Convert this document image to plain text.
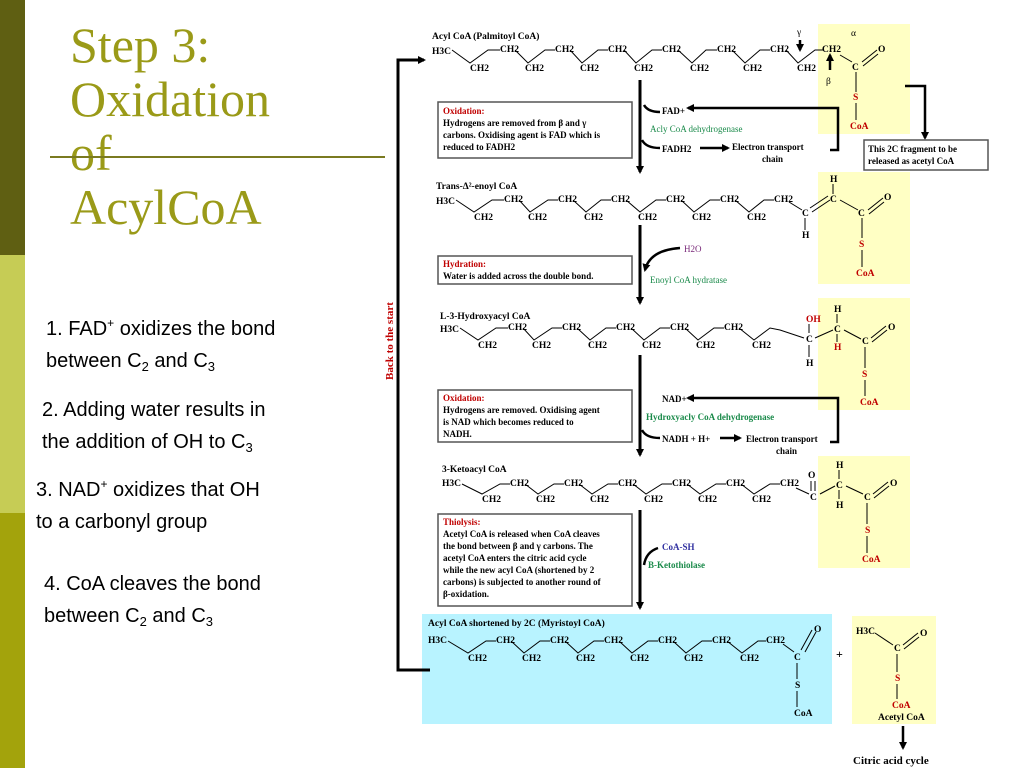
Step 3:
Oxidation
of
AcylCoA
1. FAD+ oxidizes the bond
between $C_2$ and $C_3$
2. Adding water results in
the addition of OH to $C_3$
3. NAD+ oxidizes that OH
to a carbonyl group
4. CoA cleaves the bond
between $C_2$ and $C_3$
Back to the start
Acyl CoA (Palmitoyl CoA)
H3C	CH2	CH2	CH2	CH2	CH2	CH2
CH2	CH2	CH2	CH2	CH2	CH2	CH2
CH2
C
O
S
CoA
γ	α
β
Oxidation:
Hydrogens are removed from β and γ
carbons. Oxidising agent is FAD which is
reduced to FADH2
FAD+
Acly CoA dehydrogenase
FADH2	Electron transport
chain
This 2C fragment to be
released as acetyl CoA
Trans-Δ²-enoyl CoA
H3C	CH2	CH2	CH2	CH2	CH2	CH2
CH2	CH2	CH2	CH2	CH2	CH2	C
H
C
H
C
O
S
CoA
Hydration:
Water is added across the double bond.
H2O
Enoyl CoA hydratase
L-3-Hydroxyacyl CoA
H3C	CH2	CH2	CH2	CH2	CH2
CH2	CH2	CH2	CH2	CH2	CH2
OH
C
H
H
C
H
C
O
S
CoA
Oxidation:
Hydrogens are removed. Oxidising agent
is NAD which becomes reduced to
NADH.
NAD+
Hydroxyacly CoA dehydrogenase
NADH + H+	Electron transport
chain
3-Ketoacyl CoA
H3C	CH2	CH2	CH2	CH2	CH2	CH2
CH2	CH2	CH2	CH2	CH2	CH2
O
C
H
C
H
C
O
S
CoA
Thiolysis:
Acetyl CoA is released when CoA cleaves
the bond between β and γ carbons. The
acetyl CoA enters the citric acid cycle
while the new acyl CoA (shortened by 2
carbons) is subjected to another round of
β-oxidation.
CoA-SH
B-Ketothiolase
Acyl CoA shortened by 2C (Myristoyl CoA)
H3C	CH2	CH2	CH2	CH2	CH2	CH2
CH2	CH2	CH2	CH2	CH2	CH2	C
O
S
CoA
+
H3C
C
O
S
CoA
Acetyl CoA
Citric acid cycle
